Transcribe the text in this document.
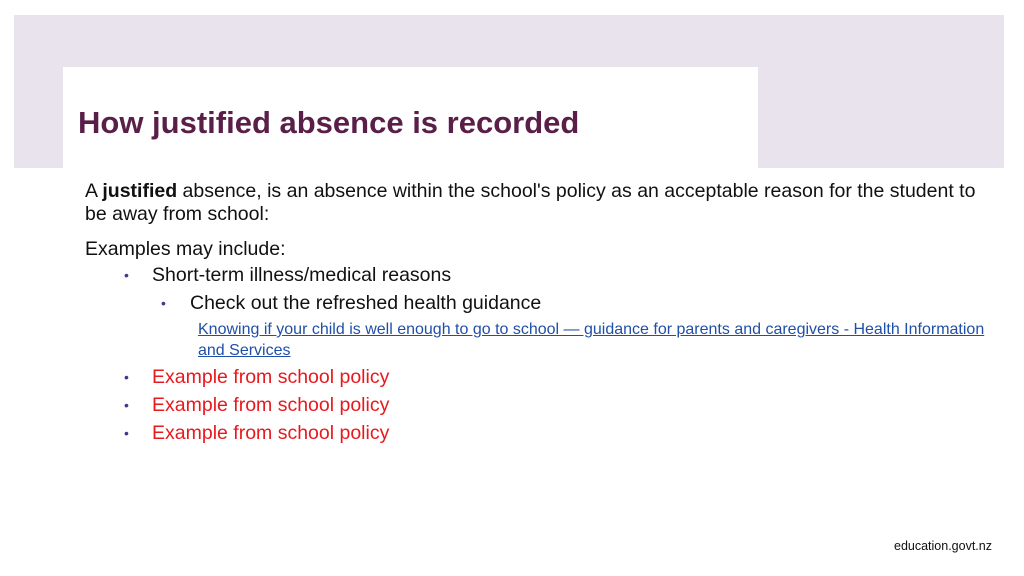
How justified absence is recorded

A justified absence, is an absence within the school's policy as an acceptable reason for the student to be away from school:

Examples may include:

• Short-term illness/medical reasons
• Check out the refreshed health guidance
Knowing if your child is well enough to go to school — guidance for parents and caregivers - Health Information and Services
• Example from school policy
• Example from school policy
• Example from school policy
education.govt.nz
